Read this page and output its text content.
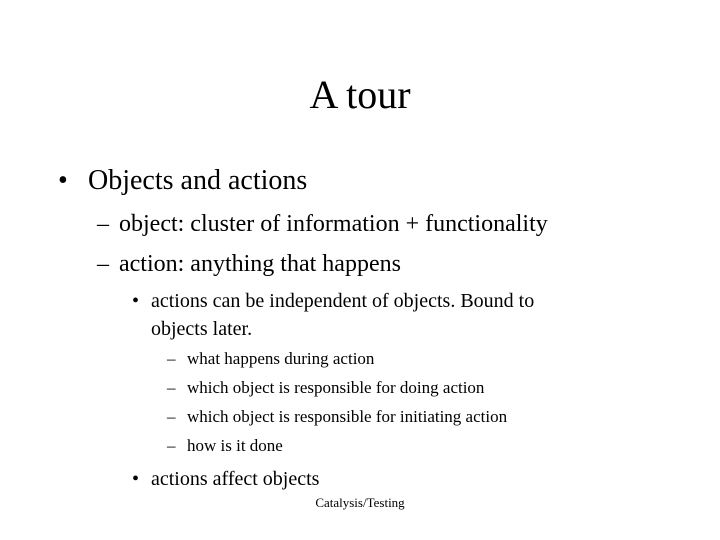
A tour
• Objects and actions
– object: cluster of information + functionality
– action: anything that happens
• actions can be independent of objects. Bound to
objects later.
– what happens during action
– which object is responsible for doing action
– which object is responsible for initiating action
– how is it done
• actions affect objects
Catalysis/Testing
